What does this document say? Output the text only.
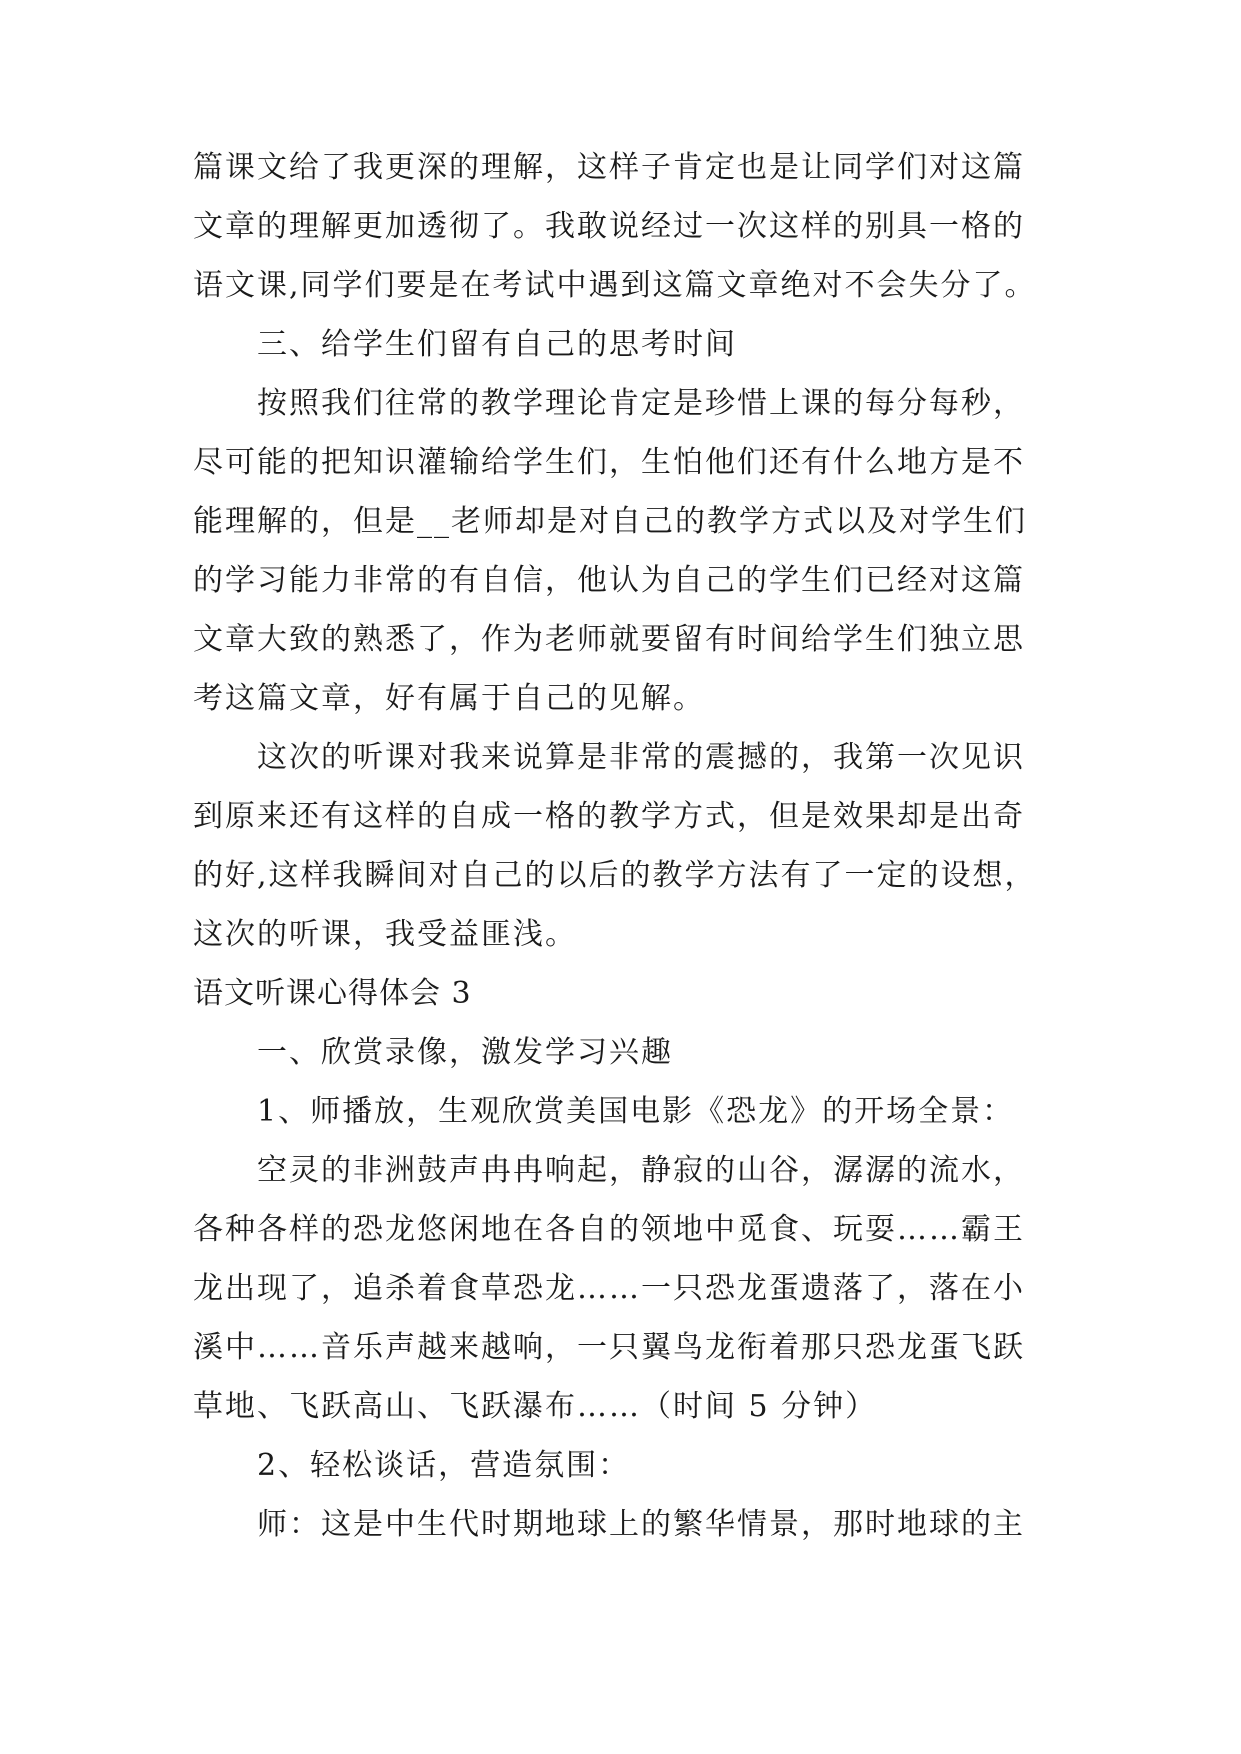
篇课文给了我更深的理解，这样子肯定也是让同学们对这篇
文章的理解更加透彻了。我敢说经过一次这样的别具一格的
语文课,同学们要是在考试中遇到这篇文章绝对不会失分了。
三、给学生们留有自己的思考时间
按照我们往常的教学理论肯定是珍惜上课的每分每秒，
尽可能的把知识灌输给学生们，生怕他们还有什么地方是不
能理解的，但是__老师却是对自己的教学方式以及对学生们
的学习能力非常的有自信，他认为自己的学生们已经对这篇
文章大致的熟悉了，作为老师就要留有时间给学生们独立思
考这篇文章，好有属于自己的见解。
这次的听课对我来说算是非常的震撼的，我第一次见识
到原来还有这样的自成一格的教学方式，但是效果却是出奇
的好,这样我瞬间对自己的以后的教学方法有了一定的设想，
这次的听课，我受益匪浅。
语文听课心得体会 3
一、欣赏录像，激发学习兴趣
1、师播放，生观欣赏美国电影《恐龙》的开场全景：
空灵的非洲鼓声冉冉响起，静寂的山谷，潺潺的流水，
各种各样的恐龙悠闲地在各自的领地中觅食、玩耍……霸王
龙出现了，追杀着食草恐龙……一只恐龙蛋遗落了，落在小
溪中……音乐声越来越响，一只翼鸟龙衔着那只恐龙蛋飞跃
草地、飞跃高山、飞跃瀑布……（时间 5 分钟）
2、轻松谈话，营造氛围：
师：这是中生代时期地球上的繁华情景，那时地球的主
